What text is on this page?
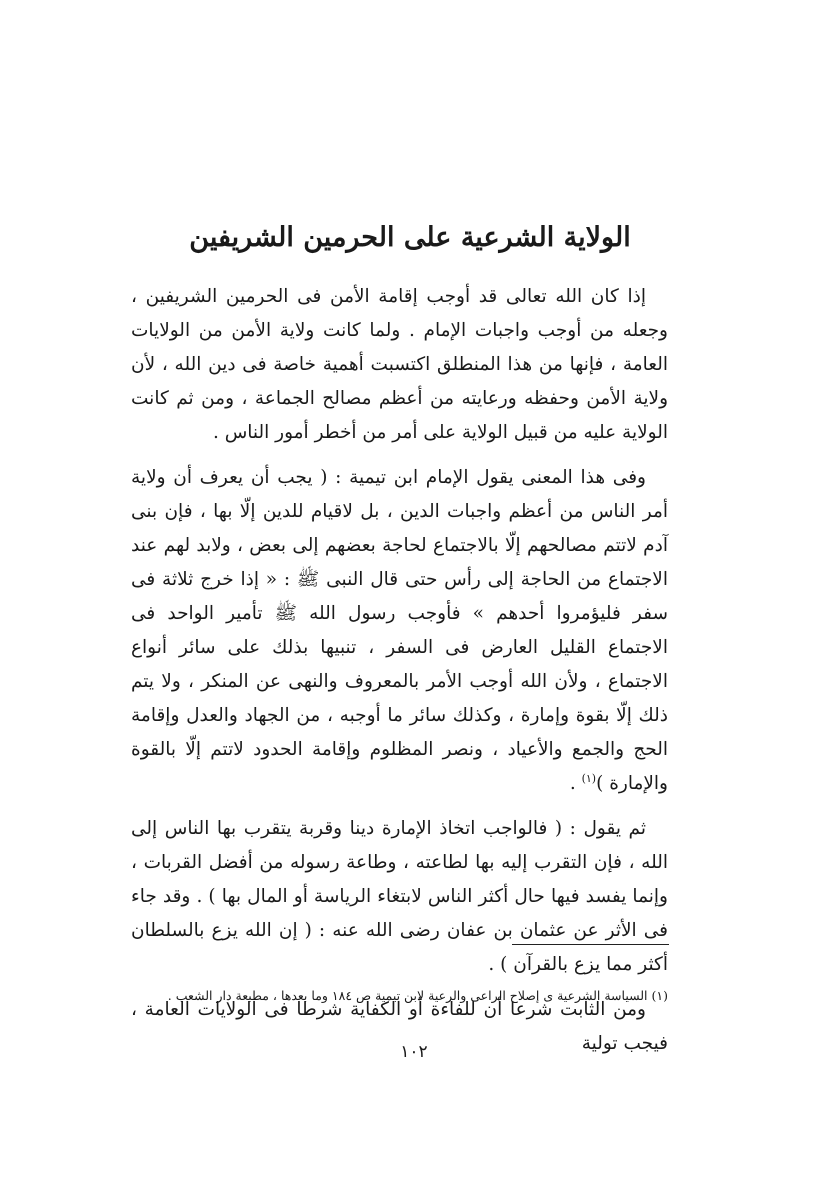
الولاية الشرعية على الحرمين الشريفين

إذا كان الله تعالى قد أوجب إقامة الأمن فى الحرمين الشريفين ، وجعله من أوجب واجبات الإمام . ولما كانت ولاية الأمن من الولايات العامة ، فإنها من هذا المنطلق اكتسبت أهمية خاصة فى دين الله ، لأن ولاية الأمن وحفظه ورعايته من أعظم مصالح الجماعة ، ومن ثم كانت الولاية عليه من قبيل الولاية على أمر من أخطر أمور الناس .

وفى هذا المعنى يقول الإمام ابن تيمية : ( يجب أن يعرف أن ولاية أمر الناس من أعظم واجبات الدين ، بل لاقيام للدين إلّا بها ، فإن بنى آدم لاتتم مصالحهم إلّا بالاجتماع لحاجة بعضهم إلى بعض ، ولابد لهم عند الاجتماع من الحاجة إلى رأس حتى قال النبى ﷺ : « إذا خرج ثلاثة فى سفر فليؤمروا أحدهم » فأوجب رسول الله ﷺ تأمير الواحد فى الاجتماع القليل العارض فى السفر ، تنبيها بذلك على سائر أنواع الاجتماع ، ولأن الله أوجب الأمر بالمعروف والنهى عن المنكر ، ولا يتم ذلك إلّا بقوة وإمارة ، وكذلك سائر ما أوجبه ، من الجهاد والعدل وإقامة الحج والجمع والأعياد ، ونصر المظلوم وإقامة الحدود لاتتم إلّا بالقوة والإمارة )$^{(١)}$ .

ثم يقول : ( فالواجب اتخاذ الإمارة دينا وقربة يتقرب بها الناس إلى الله ، فإن التقرب إليه بها لطاعته ، وطاعة رسوله من أفضل القربات ، وإنما يفسد فيها حال أكثر الناس لابتغاء الرياسة أو المال بها ) . وقد جاء فى الأثر عن عثمان بن عفان رضى الله عنه : ( إن الله يزع بالسلطان أكثر مما يزع بالقرآن ) .

ومن الثابت شرعا أن للفاءة أو الكفاية شرطا فى الولايات العامة ، فيجب تولية

(١) السياسة الشرعية ى إصلاح الراعى والرعية لابن تيمية ص ١٨٤ وما بعدها ، مطبعة دار الشعب .

١٠٢
